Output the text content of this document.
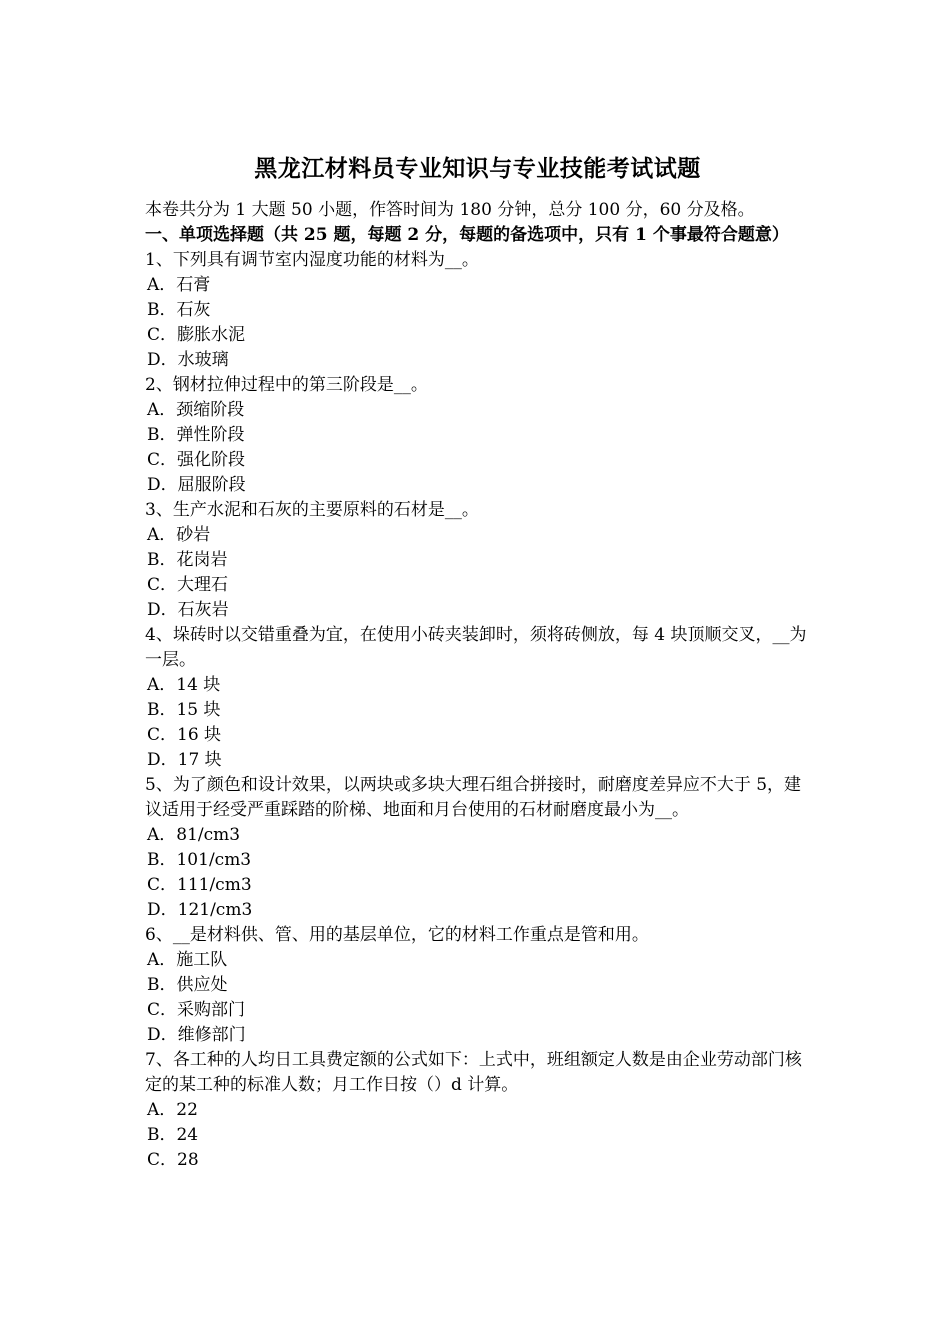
黑龙江材料员专业知识与专业技能考试试题
本卷共分为 1 大题 50 小题，作答时间为 180 分钟，总分 100 分，60 分及格。
一、单项选择题（共 25 题，每题 2 分，每题的备选项中，只有 1 个事最符合题意）
1、下列具有调节室内湿度功能的材料为__。
A．石膏
B．石灰
C．膨胀水泥
D．水玻璃
2、钢材拉伸过程中的第三阶段是__。
A．颈缩阶段
B．弹性阶段
C．强化阶段
D．屈服阶段
3、生产水泥和石灰的主要原料的石材是__。
A．砂岩
B．花岗岩
C．大理石
D．石灰岩
4、垛砖时以交错重叠为宜，在使用小砖夹装卸时，须将砖侧放，每 4 块顶顺交叉，__为一层。
A．14 块
B．15 块
C．16 块
D．17 块
5、为了颜色和设计效果，以两块或多块大理石组合拼接时，耐磨度差异应不大于 5，建议适用于经受严重踩踏的阶梯、地面和月台使用的石材耐磨度最小为__。
A．81/cm3
B．101/cm3
C．111/cm3
D．121/cm3
6、__是材料供、管、用的基层单位，它的材料工作重点是管和用。
A．施工队
B．供应处
C．采购部门
D．维修部门
7、各工种的人均日工具费定额的公式如下：上式中，班组额定人数是由企业劳动部门核定的某工种的标准人数；月工作日按（）d 计算。
A．22
B．24
C．28
